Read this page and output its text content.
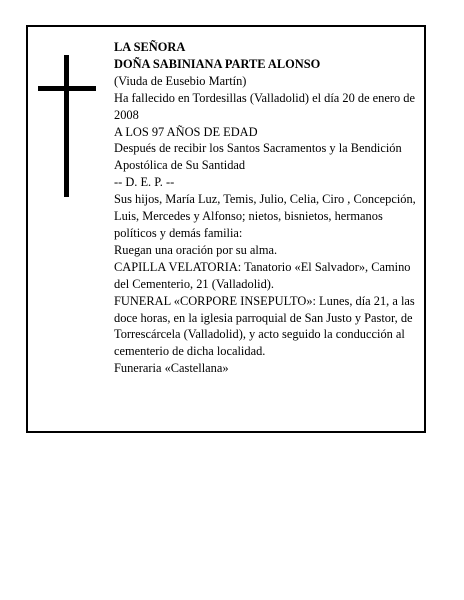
LA SEÑORA
DOÑA SABINIANA PARTE ALONSO
(Viuda de Eusebio Martín)
Ha fallecido en Tordesillas (Valladolid) el día 20 de enero de 2008
A LOS 97 AÑOS DE EDAD
Después de recibir los Santos Sacramentos y la Bendición Apostólica de Su Santidad
-- D. E. P. --
Sus hijos, María Luz, Temis, Julio, Celia, Ciro , Concepción, Luis, Mercedes y Alfonso; nietos, bisnietos, hermanos políticos y demás familia:
Ruegan una oración por su alma.
CAPILLA VELATORIA: Tanatorio «El Salvador», Camino del Cementerio, 21 (Valladolid).
FUNERAL «CORPORE INSEPULTO»: Lunes, día 21, a las doce horas, en la iglesia parroquial de San Justo y Pastor, de Torrescárcela (Valladolid), y acto seguido la conducción al cementerio de dicha localidad.
Funeraria «Castellana»
